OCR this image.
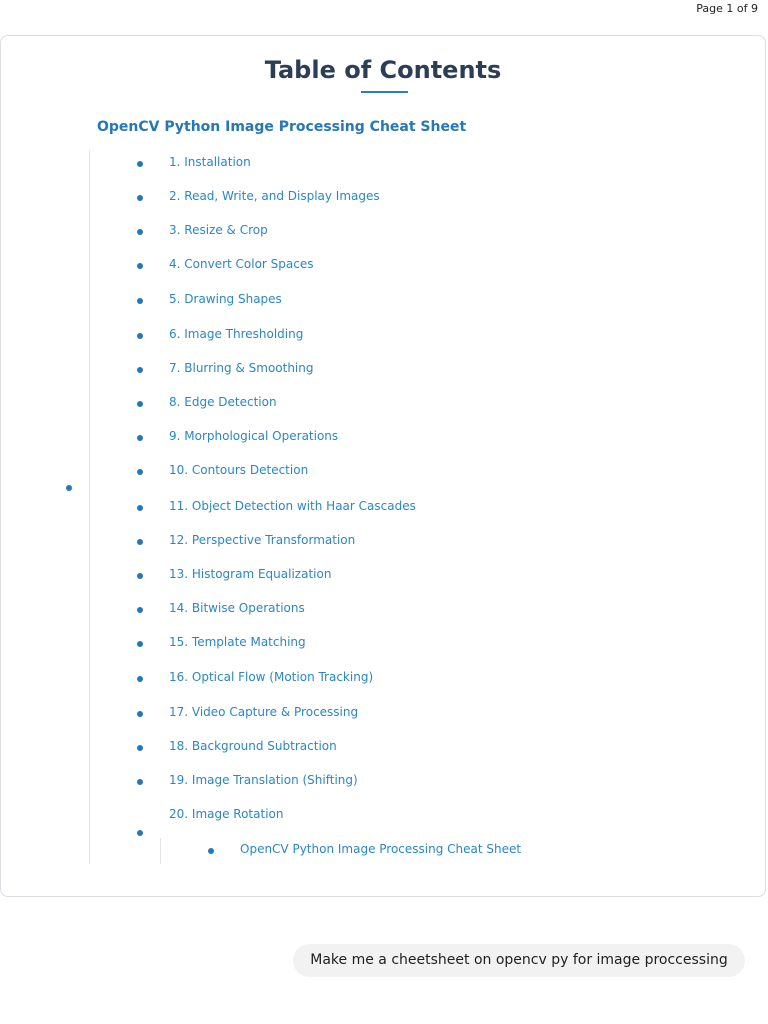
Page 1 of 9
Table of Contents
OpenCV Python Image Processing Cheat Sheet
1. Installation
2. Read, Write, and Display Images
3. Resize & Crop
4. Convert Color Spaces
5. Drawing Shapes
6. Image Thresholding
7. Blurring & Smoothing
8. Edge Detection
9. Morphological Operations
10. Contours Detection
11. Object Detection with Haar Cascades
12. Perspective Transformation
13. Histogram Equalization
14. Bitwise Operations
15. Template Matching
16. Optical Flow (Motion Tracking)
17. Video Capture & Processing
18. Background Subtraction
19. Image Translation (Shifting)
20. Image Rotation
OpenCV Python Image Processing Cheat Sheet
Make me a cheetsheet on opencv py for image proccessing
